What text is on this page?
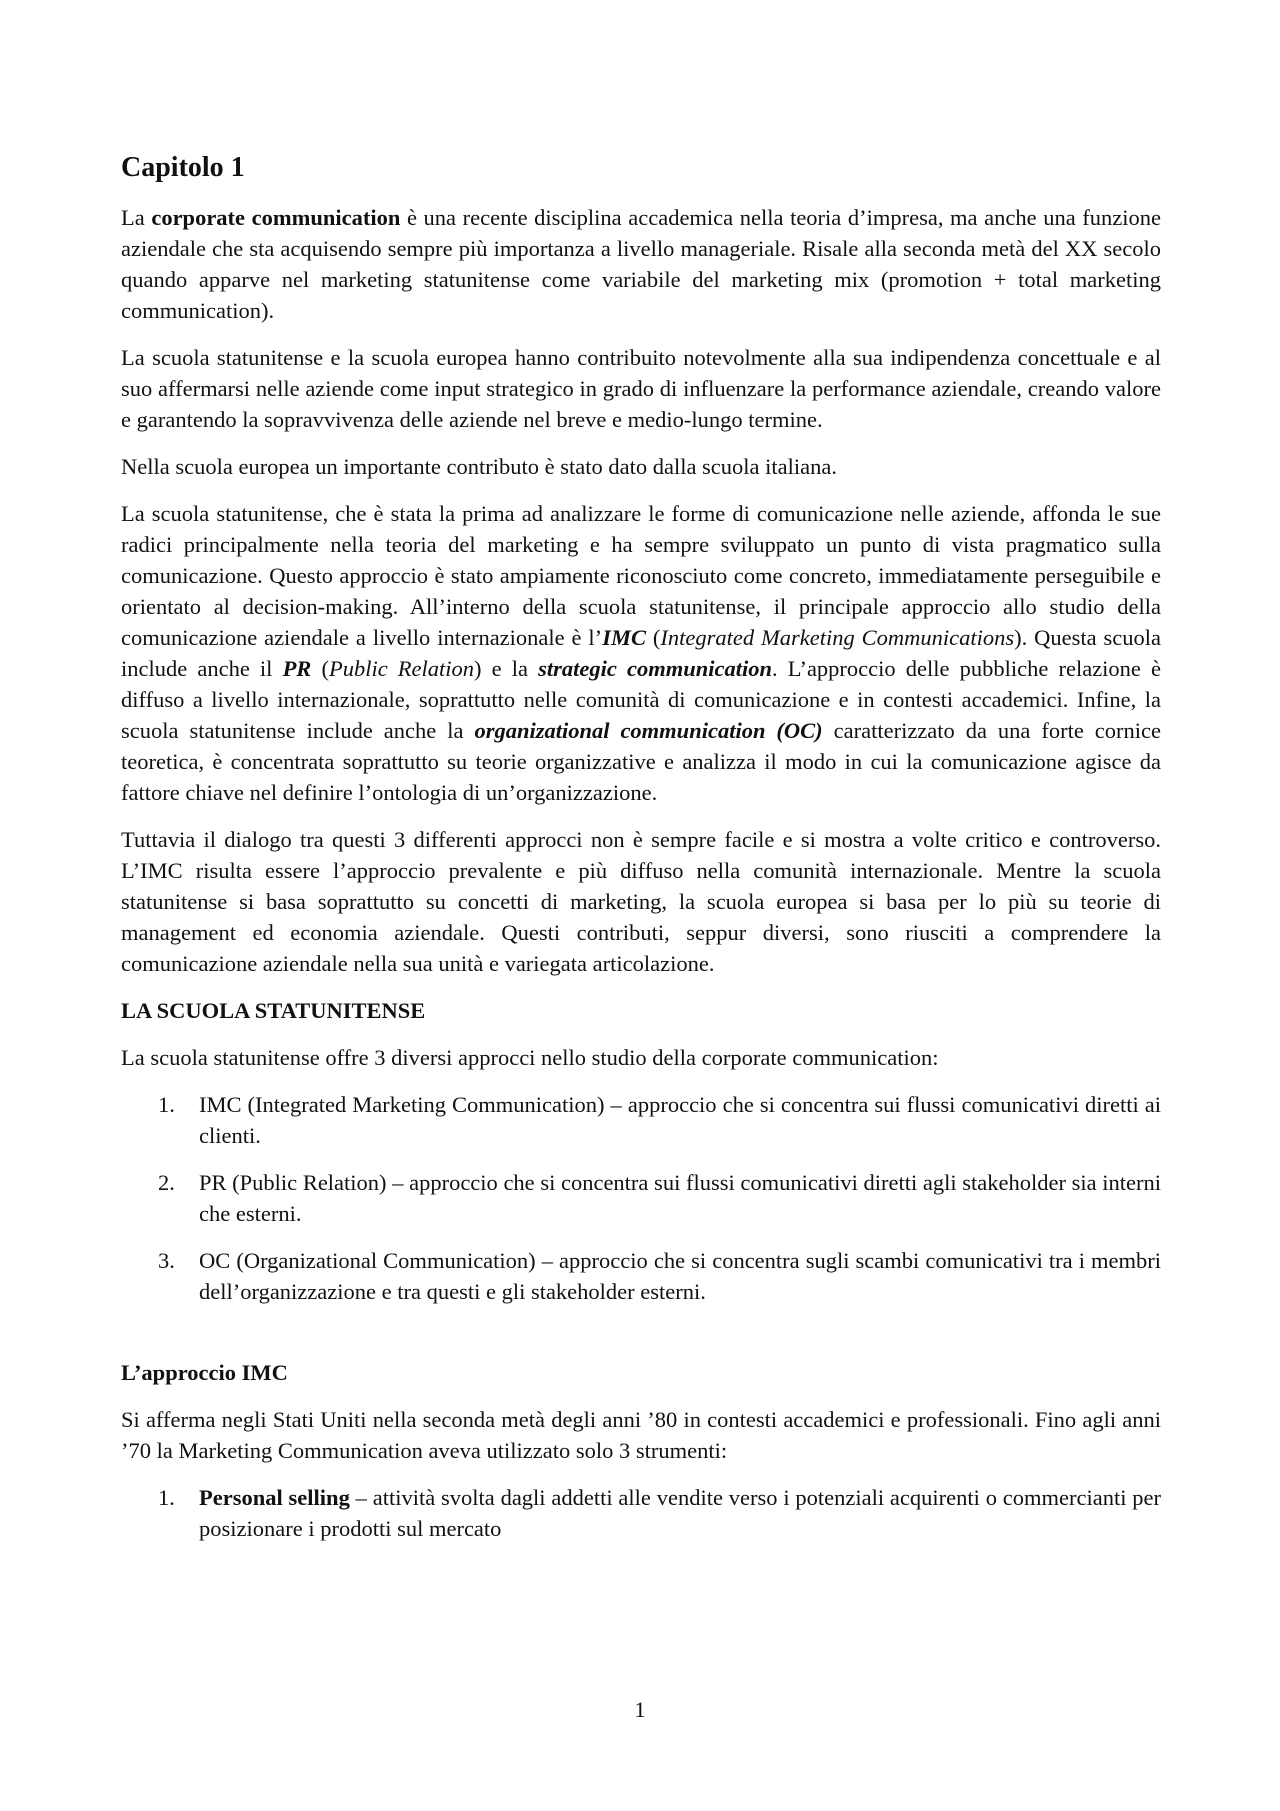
Capitolo 1

La corporate communication è una recente disciplina accademica nella teoria d’impresa, ma anche una funzione aziendale che sta acquisendo sempre più importanza a livello manageriale. Risale alla seconda metà del XX secolo quando apparve nel marketing statunitense come variabile del marketing mix (promotion + total marketing communication).

La scuola statunitense e la scuola europea hanno contribuito notevolmente alla sua indipendenza concettuale e al suo affermarsi nelle aziende come input strategico in grado di influenzare la performance aziendale, creando valore e garantendo la sopravvivenza delle aziende nel breve e medio-lungo termine.

Nella scuola europea un importante contributo è stato dato dalla scuola italiana.

La scuola statunitense, che è stata la prima ad analizzare le forme di comunicazione nelle aziende, affonda le sue radici principalmente nella teoria del marketing e ha sempre sviluppato un punto di vista pragmatico sulla comunicazione. Questo approccio è stato ampiamente riconosciuto come concreto, immediatamente perseguibile e orientato al decision-making. All’interno della scuola statunitense, il principale approccio allo studio della comunicazione aziendale a livello internazionale è l’IMC (Integrated Marketing Communications). Questa scuola include anche il PR (Public Relation) e la strategic communication. L’approccio delle pubbliche relazione è diffuso a livello internazionale, soprattutto nelle comunità di comunicazione e in contesti accademici. Infine, la scuola statunitense include anche la organizational communication (OC) caratterizzato da una forte cornice teoretica, è concentrata soprattutto su teorie organizzative e analizza il modo in cui la comunicazione agisce da fattore chiave nel definire l’ontologia di un’organizzazione.

Tuttavia il dialogo tra questi 3 differenti approcci non è sempre facile e si mostra a volte critico e controverso. L’IMC risulta essere l’approccio prevalente e più diffuso nella comunità internazionale. Mentre la scuola statunitense si basa soprattutto su concetti di marketing, la scuola europea si basa per lo più su teorie di management ed economia aziendale. Questi contributi, seppur diversi, sono riusciti a comprendere la comunicazione aziendale nella sua unità e variegata articolazione.

LA SCUOLA STATUNITENSE

La scuola statunitense offre 3 diversi approcci nello studio della corporate communication:

1. IMC (Integrated Marketing Communication) – approccio che si concentra sui flussi comunicativi diretti ai clienti.
2. PR (Public Relation) – approccio che si concentra sui flussi comunicativi diretti agli stakeholder sia interni che esterni.
3. OC (Organizational Communication) – approccio che si concentra sugli scambi comunicativi tra i membri dell’organizzazione e tra questi e gli stakeholder esterni.
L’approccio IMC

Si afferma negli Stati Uniti nella seconda metà degli anni ’80 in contesti accademici e professionali. Fino agli anni ’70 la Marketing Communication aveva utilizzato solo 3 strumenti:

1. Personal selling – attività svolta dagli addetti alle vendite verso i potenziali acquirenti o commercianti per posizionare i prodotti sul mercato
1
